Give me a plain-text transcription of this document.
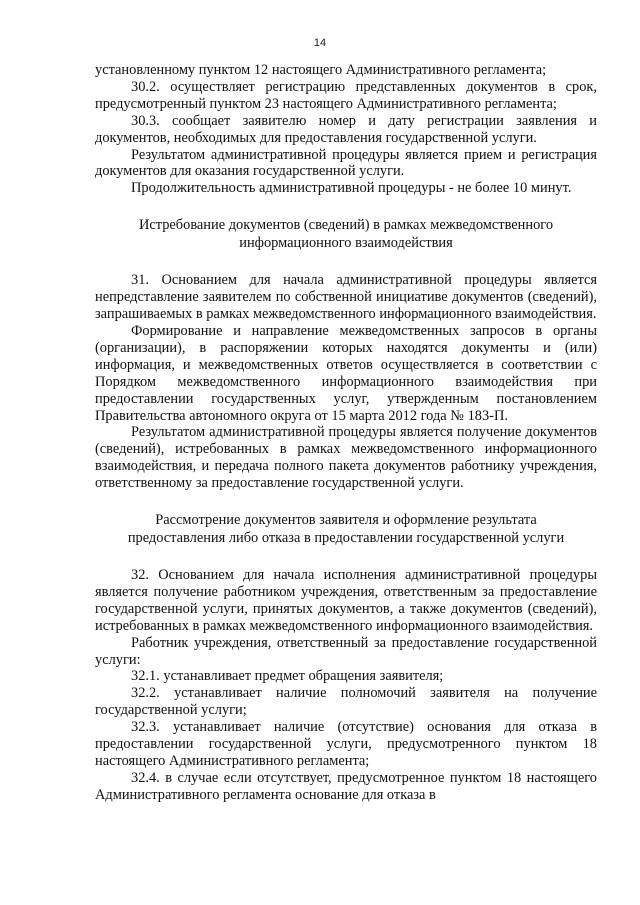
14

установленному пунктом 12 настоящего Административного регламента;

30.2. осуществляет регистрацию представленных документов в срок, предусмотренный пунктом 23 настоящего Административного регламента;

30.3. сообщает заявителю номер и дату регистрации заявления и документов, необходимых для предоставления государственной услуги.

Результатом административной процедуры является прием и регистрация документов для оказания государственной услуги.

Продолжительность административной процедуры - не более 10 минут.

Истребование документов (сведений) в рамках межведомственного
информационного взаимодействия

31. Основанием для начала административной процедуры является непредставление заявителем по собственной инициативе документов (сведений), запрашиваемых в рамках межведомственного информационного взаимодействия.

Формирование и направление межведомственных запросов в органы (организации), в распоряжении которых находятся документы и (или) информация, и межведомственных ответов осуществляется в соответствии с Порядком межведомственного информационного взаимодействия при предоставлении государственных услуг, утвержденным постановлением Правительства автономного округа от 15 марта 2012 года № 183-П.

Результатом административной процедуры является получение документов (сведений), истребованных в рамках межведомственного информационного взаимодействия, и передача полного пакета документов работнику учреждения, ответственному за предоставление государственной услуги.

Рассмотрение документов заявителя и оформление результата
предоставления либо отказа в предоставлении государственной услуги

32. Основанием для начала исполнения административной процедуры является получение работником учреждения, ответственным за предоставление государственной услуги, принятых документов, а также документов (сведений), истребованных в рамках межведомственного информационного взаимодействия.

Работник учреждения, ответственный за предоставление государственной услуги:

32.1. устанавливает предмет обращения заявителя;

32.2. устанавливает наличие полномочий заявителя на получение государственной услуги;

32.3. устанавливает наличие (отсутствие) основания для отказа в предоставлении государственной услуги, предусмотренного пунктом 18 настоящего Административного регламента;

32.4. в случае если отсутствует, предусмотренное пунктом 18 настоящего Административного регламента основание для отказа в
